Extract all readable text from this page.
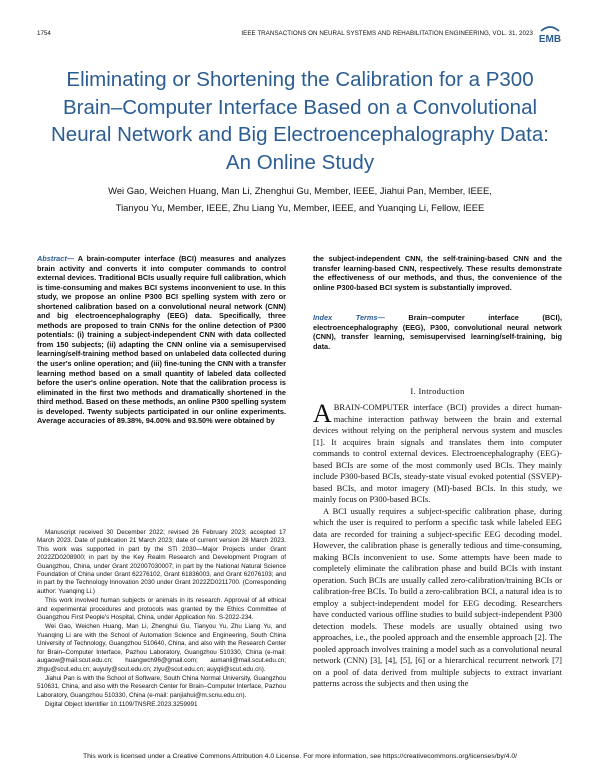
1754	IEEE TRANSACTIONS ON NEURAL SYSTEMS AND REHABILITATION ENGINEERING, VOL. 31, 2023
EMB
Eliminating or Shortening the Calibration for a P300 Brain–Computer Interface Based on a Convolutional Neural Network and Big Electroencephalography Data: An Online Study
Wei Gao, Weichen Huang, Man Li, Zhenghui Gu, Member, IEEE, Jiahui Pan, Member, IEEE,
Tianyou Yu, Member, IEEE, Zhu Liang Yu, Member, IEEE, and Yuanqing Li, Fellow, IEEE
Abstract— A brain-computer interface (BCI) measures and analyzes brain activity and converts it into computer commands to control external devices. Traditional BCIs usually require full calibration, which is time-consuming and makes BCI systems inconvenient to use. In this study, we propose an online P300 BCI spelling system with zero or shortened calibration based on a convolutional neural network (CNN) and big electroencephalography (EEG) data. Specifically, three methods are proposed to train CNNs for the online detection of P300 potentials: (i) training a subject-independent CNN with data collected from 150 subjects; (ii) adapting the CNN online via a semisupervised learning/self-training method based on unlabeled data collected during the user's online operation; and (iii) fine-tuning the CNN with a transfer learning method based on a small quantity of labeled data collected before the user's online operation. Note that the calibration process is eliminated in the first two methods and dramatically shortened in the third method. Based on these methods, an online P300 spelling system is developed. Twenty subjects participated in our online experiments. Average accuracies of 89.38%, 94.00% and 93.50% were obtained by
the subject-independent CNN, the self-training-based CNN and the transfer learning-based CNN, respectively. These results demonstrate the effectiveness of our methods, and thus, the convenience of the online P300-based BCI system is substantially improved.
Index Terms—	Brain–computer interface (BCI), electroencephalography (EEG), P300, convolutional neural network (CNN), transfer learning, semisupervised learning/self-training, big data.

Manuscript received 30 December 2022; revised 26 February 2023; accepted 17 March 2023. Date of publication 21 March 2023; date of current version 28 March 2023. This work was supported in part by the STI 2030—Major Projects under Grant 2022ZD0208900; in part by the Key Realm Research and Development Program of Guangzhou, China, under Grant 202007030007; in part by the National Natural Science Foundation of China under Grant 62276102, Grant 61836003, and Grant 62076103; and in part by the Technology Innovation 2030 under Grant 2022ZD0211700. (Corresponding author: Yuanqing Li.)

This work involved human subjects or animals in its research. Approval of all ethical and experimental procedures and protocols was granted by the Ethics Committee of Guangzhou First People's Hospital, China, under Application No. S-2022-234.

Wei Gao, Weichen Huang, Man Li, Zhenghui Gu, Tianyou Yu, Zhu Liang Yu, and Yuanqing Li are with the School of Automation Science and Engineering, South China University of Technology, Guangzhou 510640, China, and also with the Research Center for Brain–Computer Interface, Pazhou Laboratory, Guangzhou 510330, China (e-mail: augaow@mail.scut.edu.cn; huangwch96@gmail.com; aumanli@mail.scut.edu.cn; zhgu@scut.edu.cn; auyuty@scut.edu.cn; zlyu@scut.edu.cn; auyqli@scut.edu.cn).

Jiahui Pan is with the School of Software, South China Normal University, Guangzhou 510631, China, and also with the Research Center for Brain–Computer Interface, Pazhou Laboratory, Guangzhou 510330, China (e-mail: panjiahui@m.scnu.edu.cn).

Digital Object Identifier 10.1109/TNSRE.2023.3259991

I. Introduction

ABRAIN-COMPUTER interface (BCI) provides a direct human-machine interaction pathway between the brain and external devices without relying on the peripheral nervous system and muscles [1]. It acquires brain signals and translates them into computer commands to control external devices. Electroencephalography (EEG)-based BCIs are some of the most commonly used BCIs. They mainly include P300-based BCIs, steady-state visual evoked potential (SSVEP)-based BCIs, and motor imagery (MI)-based BCIs. In this study, we mainly focus on P300-based BCIs.

A BCI usually requires a subject-specific calibration phase, during which the user is required to perform a specific task while labeled EEG data are recorded for training a subject-specific EEG decoding model. However, the calibration phase is generally tedious and time-consuming, making BCIs inconvenient to use. Some attempts have been made to completely eliminate the calibration phase and build BCIs with instant operation. Such BCIs are usually called zero-calibration/training BCIs or calibration-free BCIs. To build a zero-calibration BCI, a natural idea is to employ a subject-independent model for EEG decoding. Researchers have conducted various offline studies to build subject-independent P300 detection models. These models are usually obtained using two approaches, i.e., the pooled approach and the ensemble approach [2]. The pooled approach involves training a model such as a convolutional neural network (CNN) [3], [4], [5], [6] or a hierarchical recurrent network [7] on a pool of data derived from multiple subjects to extract invariant patterns across the subjects and then using the

This work is licensed under a Creative Commons Attribution 4.0 License. For more information, see https://creativecommons.org/licenses/by/4.0/
